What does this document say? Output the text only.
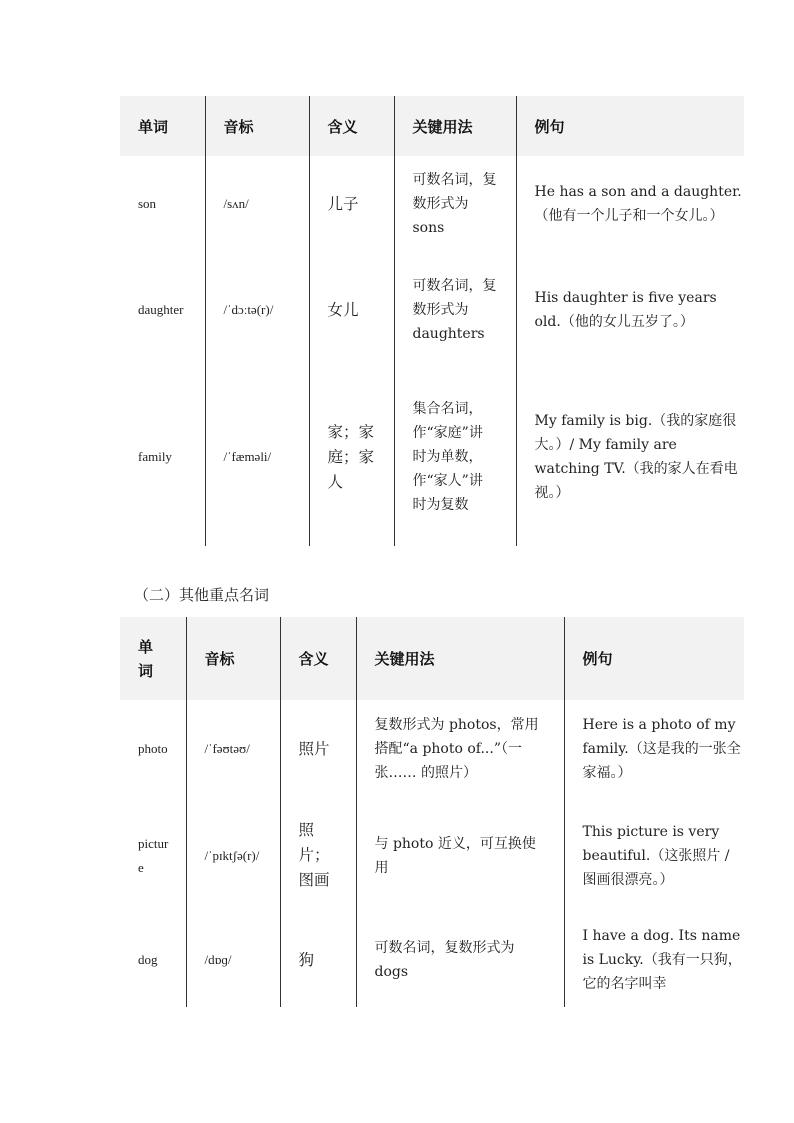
单词	音标	含义	关键用法	例句
son	/sʌn/	儿子	可数名词，复数形式为 sons	He has a son and a daughter.（他有一个儿子和一个女儿。）
daughter	/ˈdɔːtə(r)/	女儿	可数名词，复数形式为 daughters	His daughter is five years old.（他的女儿五岁了。）
family	/ˈfæməli/	家；家庭；家人	集合名词，作“家庭”讲时为单数，作“家人”讲时为复数	My family is big.（我的家庭很大。）/ My family are watching TV.（我的家人在看电视。）
（二）其他重点名词
单词	音标	含义	关键用法	例句
photo	/ˈfəʊtəʊ/	照片	复数形式为 photos，常用搭配“a photo of...”（一张…… 的照片）	Here is a photo of my family.（这是我的一张全家福。）
picture	/ˈpɪktʃə(r)/	照片；图画	与 photo 近义，可互换使用	This picture is very beautiful.（这张照片 / 图画很漂亮。）
dog	/dɒɡ/	狗	可数名词，复数形式为 dogs	I have a dog. Its name is Lucky.（我有一只狗，它的名字叫幸
